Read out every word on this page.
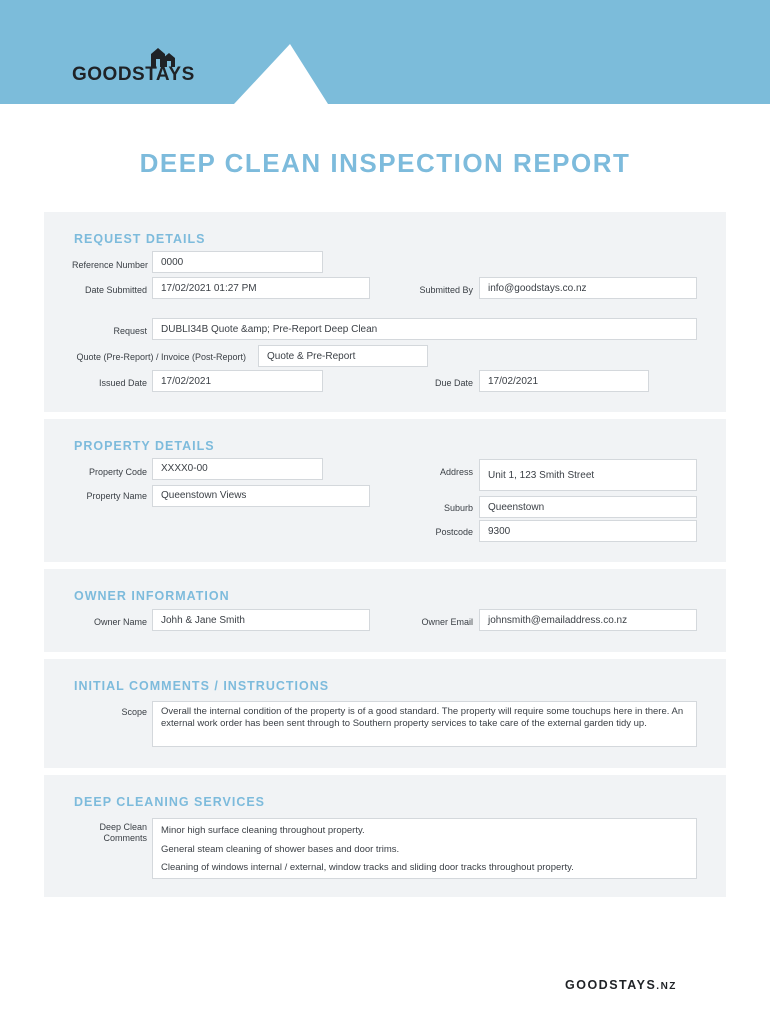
GOODSTAYS
DEEP CLEAN INSPECTION REPORT
REQUEST DETAILS
Reference Number	0000
Date Submitted	17/02/2021 01:27 PM	Submitted By	info@goodstays.co.nz
Request	DUBLI34B Quote &amp; Pre-Report Deep Clean
Quote (Pre-Report) / Invoice (Post-Report)	Quote & Pre-Report
Issued Date	17/02/2021	Due Date	17/02/2021
PROPERTY DETAILS
Property Code	XXXX0-00
Property Name	Queenstown Views
Address	Unit 1, 123 Smith Street
Suburb	Queenstown
Postcode	9300
OWNER INFORMATION
Owner Name	Johh & Jane Smith	Owner Email	johnsmith@emailaddress.co.nz
INITIAL COMMENTS / INSTRUCTIONS
Scope	Overall the internal condition of the property is of a good standard. The property will require some touchups here in there. An external work order has been sent through to Southern property services to take care of the external garden tidy up.
DEEP CLEANING SERVICES
Deep Clean
Comments
Minor high surface cleaning throughout property.
General steam cleaning of shower bases and door trims.
Cleaning of windows internal / external, window tracks and sliding door tracks throughout property.
GOODSTAYS.NZ
